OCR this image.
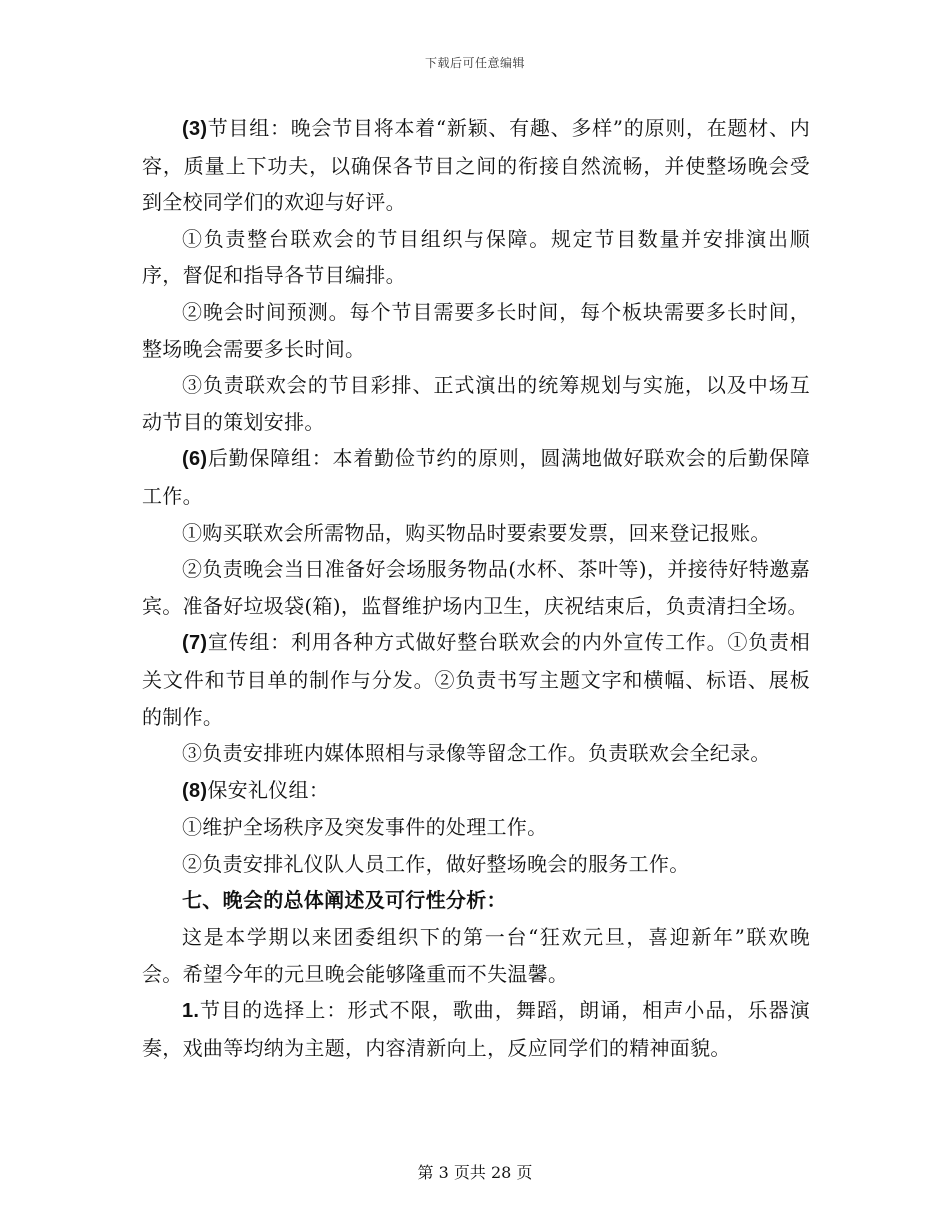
下载后可任意编辑

(3)节目组：晚会节目将本着“新颖、有趣、多样”的原则，在题材、内容，质量上下功夫，以确保各节目之间的衔接自然流畅，并使整场晚会受到全校同学们的欢迎与好评。

①负责整台联欢会的节目组织与保障。规定节目数量并安排演出顺序，督促和指导各节目编排。

②晚会时间预测。每个节目需要多长时间，每个板块需要多长时间，整场晚会需要多长时间。

③负责联欢会的节目彩排、正式演出的统筹规划与实施，以及中场互动节目的策划安排。

(6)后勤保障组：本着勤俭节约的原则，圆满地做好联欢会的后勤保障工作。

①购买联欢会所需物品，购买物品时要索要发票，回来登记报账。

②负责晚会当日准备好会场服务物品(水杯、茶叶等)，并接待好特邀嘉宾。准备好垃圾袋(箱)，监督维护场内卫生，庆祝结束后，负责清扫全场。

(7)宣传组：利用各种方式做好整台联欢会的内外宣传工作。①负责相关文件和节目单的制作与分发。②负责书写主题文字和横幅、标语、展板的制作。

③负责安排班内媒体照相与录像等留念工作。负责联欢会全纪录。

(8)保安礼仪组：

①维护全场秩序及突发事件的处理工作。

②负责安排礼仪队人员工作，做好整场晚会的服务工作。

七、晚会的总体阐述及可行性分析：

这是本学期以来团委组织下的第一台“狂欢元旦，喜迎新年”联欢晚会。希望今年的元旦晚会能够隆重而不失温馨。

1.节目的选择上：形式不限，歌曲，舞蹈，朗诵，相声小品，乐器演奏，戏曲等均纳为主题，内容清新向上，反应同学们的精神面貌。

第 3 页共 28 页
